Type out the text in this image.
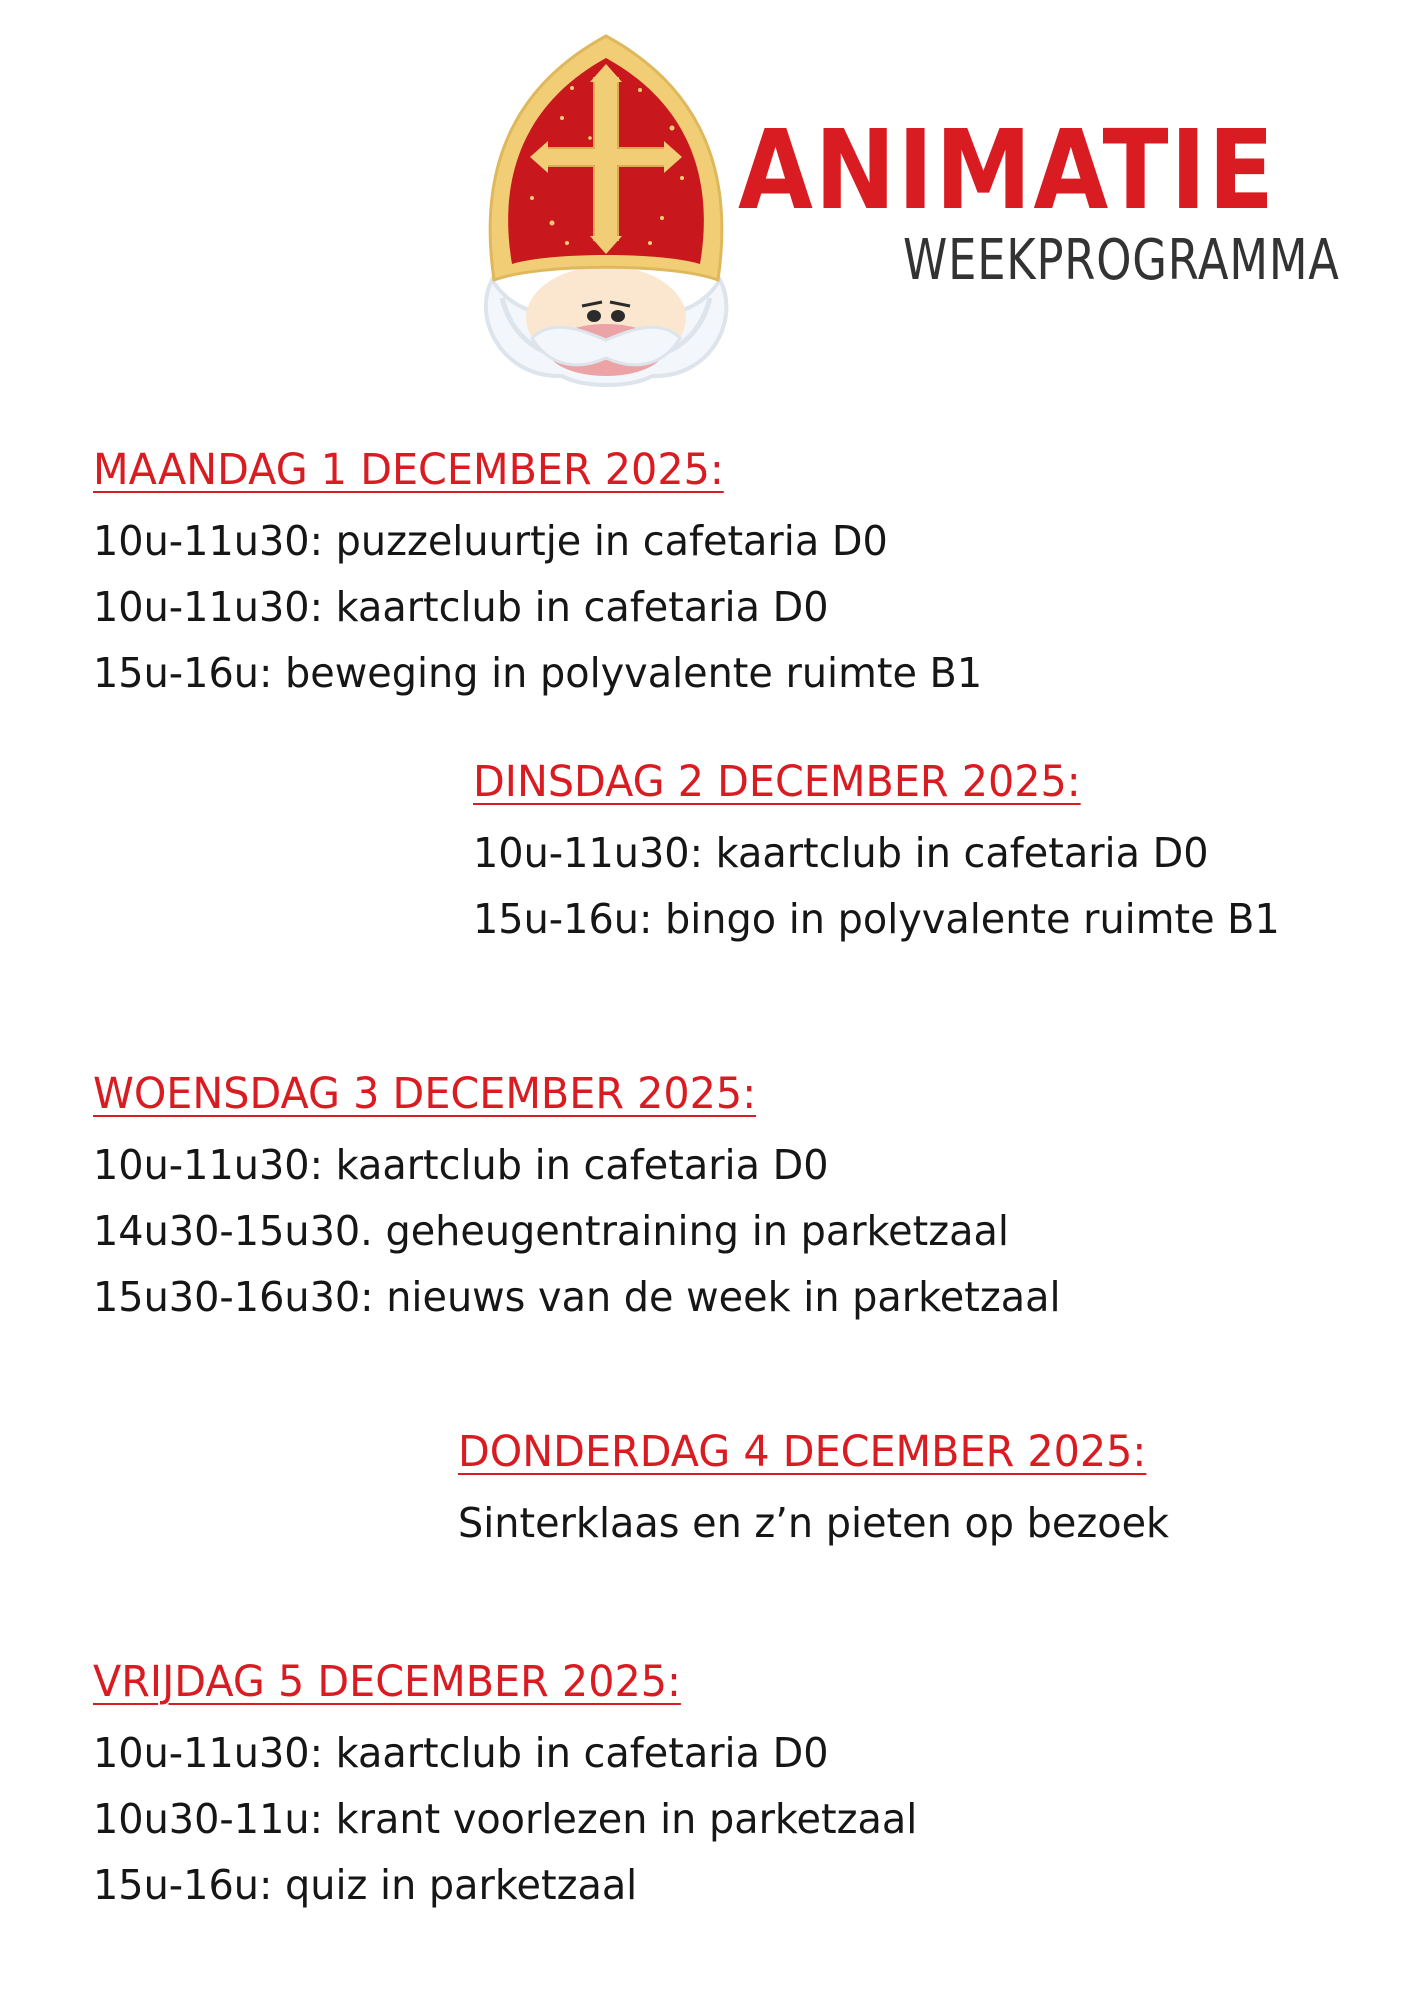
ANIMATIE
WEEKPROGRAMMA
MAANDAG 1 DECEMBER 2025:
10u-11u30: puzzeluurtje in cafetaria D0
10u-11u30: kaartclub in cafetaria D0
15u-16u: beweging in polyvalente ruimte B1
DINSDAG 2 DECEMBER 2025:
10u-11u30: kaartclub in cafetaria D0
15u-16u: bingo in polyvalente ruimte B1
WOENSDAG 3 DECEMBER 2025:
10u-11u30: kaartclub in cafetaria D0
14u30-15u30. geheugentraining in parketzaal
15u30-16u30: nieuws van de week in parketzaal
DONDERDAG 4 DECEMBER 2025:
Sinterklaas en z’n pieten op bezoek
VRIJDAG 5 DECEMBER 2025:
10u-11u30: kaartclub in cafetaria D0
10u30-11u: krant voorlezen in parketzaal
15u-16u: quiz in parketzaal
